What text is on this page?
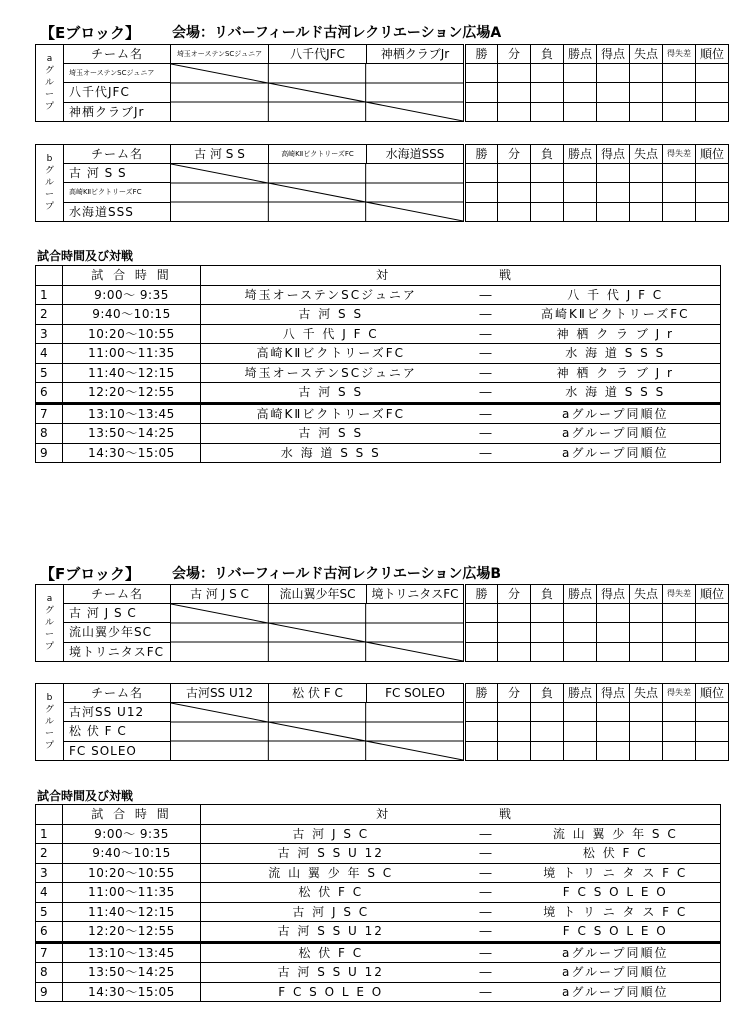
【Eブロック】 会場：リバーフィールド古河レクリエーション広場A
a
グ
ル
ー
プ	チーム名	埼玉オーステンSCジュニア	八千代JFC	神栖クラブJr	勝	分	負	勝点	得点	失点	得失差	順位
	埼玉オーステンSCジュニア	

	八千代JFC											
	神栖クラブJr											
b
グ
ル
ー
プ	チーム名	古 河 S S	高崎KⅡビクトリーズFC	水海道SSS	勝	分	負	勝点	得点	失点	得失差	順位
	古 河 S S	

	高崎KⅡビクトリーズFC											
	水海道SSS											
試合時間及び対戦
	試 合 時 間	対 戦		

1	9:00～ 9:35	埼玉オーステンSCジュニア	―	八 千 代 J F C
2	9:40～10:15	古 河 S S	―	高崎KⅡビクトリーズFC
3	10:20～10:55	八 千 代 J F C	―	神 栖 ク ラ ブ J r
4	11:00～11:35	高崎KⅡビクトリーズFC	―	水 海 道 S S S
5	11:40～12:15	埼玉オーステンSCジュニア	―	神 栖 ク ラ ブ J r
6	12:20～12:55	古 河 S S	―	水 海 道 S S S
7	13:10～13:45	高崎KⅡビクトリーズFC	―	aグループ同順位
8	13:50～14:25	古 河 S S	―	aグループ同順位
9	14:30～15:05	水 海 道 S S S	―	aグループ同順位
【Fブロック】 会場：リバーフィールド古河レクリエーション広場B
a
グ
ル
ー
プ	チーム名	古 河 J S C	流山翼少年SC	境トリニタスFC	勝	分	負	勝点	得点	失点	得失差	順位
	古 河 J S C	

	流山翼少年SC											
	境トリニタスFC											
b
グ
ル
ー
プ	チーム名	古河SS U12	松 伏 F C	FC SOLEO	勝	分	負	勝点	得点	失点	得失差	順位
	古河SS U12	

	松 伏 F C											
	FC SOLEO											
試合時間及び対戦
	試 合 時 間	対 戦		

1	9:00～ 9:35	古 河 J S C	―	流 山 翼 少 年 S C
2	9:40～10:15	古 河 S S U 12	―	松 伏 F C
3	10:20～10:55	流 山 翼 少 年 S C	―	境 ト リ ニ タ ス F C
4	11:00～11:35	松 伏 F C	―	F C S O L E O
5	11:40～12:15	古 河 J S C	―	境 ト リ ニ タ ス F C
6	12:20～12:55	古 河 S S U 12	―	F C S O L E O
7	13:10～13:45	松 伏 F C	―	aグループ同順位
8	13:50～14:25	古 河 S S U 12	―	aグループ同順位
9	14:30～15:05	F C S O L E O	―	aグループ同順位
